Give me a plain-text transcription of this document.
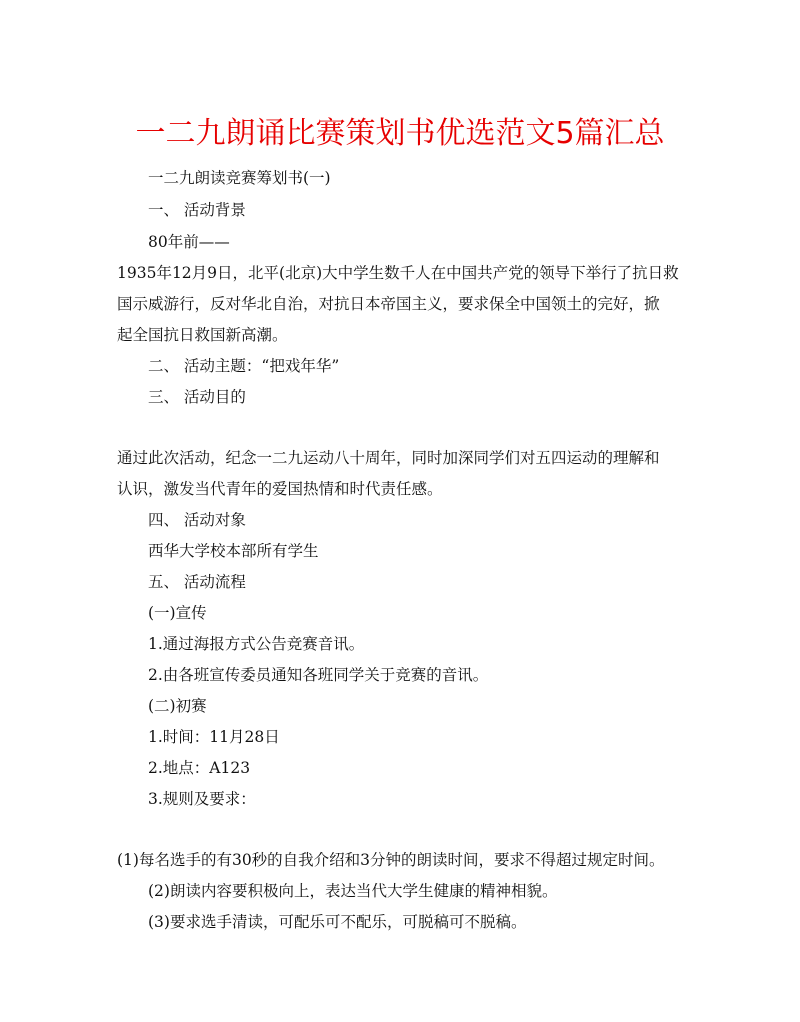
一二九朗诵比赛策划书优选范文5篇汇总
一二九朗读竞赛筹划书(一)
一、 活动背景
80年前——
1935年12月9日，北平(北京)大中学生数千人在中国共产党的领导下举行了抗日救
国示威游行，反对华北自治，对抗日本帝国主义，要求保全中国领土的完好，掀
起全国抗日救国新高潮。
二、 活动主题：“把戏年华”
三、 活动目的
通过此次活动，纪念一二九运动八十周年，同时加深同学们对五四运动的理解和
认识，激发当代青年的爱国热情和时代责任感。
四、 活动对象
西华大学校本部所有学生
五、 活动流程
(一)宣传
1.通过海报方式公告竞赛音讯。
2.由各班宣传委员通知各班同学关于竞赛的音讯。
(二)初赛
1.时间：11月28日
2.地点：A123
3.规则及要求：
(1)每名选手的有30秒的自我介绍和3分钟的朗读时间，要求不得超过规定时间。
(2)朗读内容要积极向上，表达当代大学生健康的精神相貌。
(3)要求选手清读，可配乐可不配乐，可脱稿可不脱稿。
